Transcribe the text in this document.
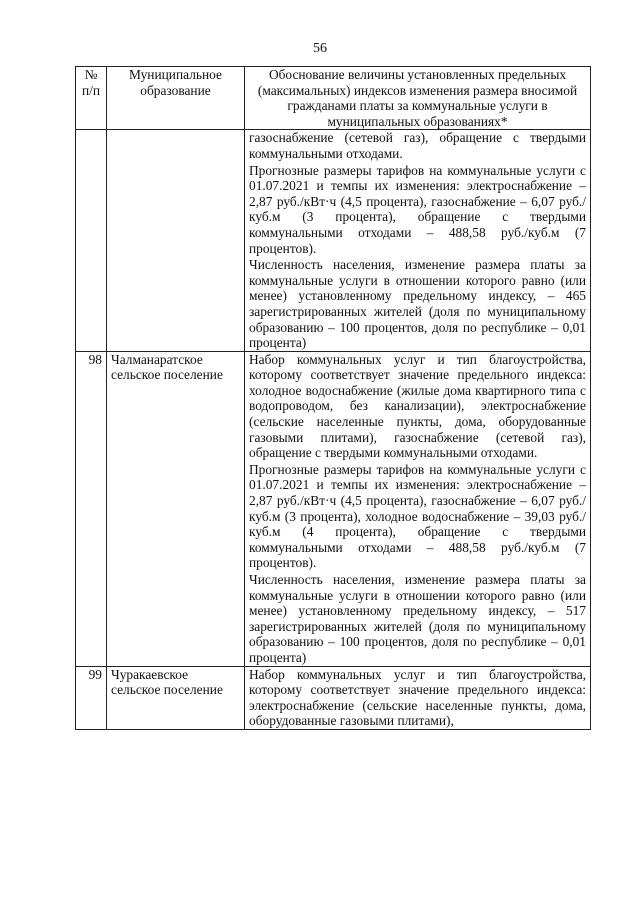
56
№ п/п	Муниципальное образование	Обоснование величины установленных предельных (максимальных) индексов изменения размера вносимой гражданами платы за коммунальные услуги в муниципальных образованиях*

		газоснабжение (сетевой газ), обращение с твердыми коммунальными отходами.

Прогнозные размеры тарифов на коммунальные услуги с 01.07.2021 и темпы их изменения: электроснабжение – 2,87 руб./кВт·ч (4,5 процента), газоснабжение – 6,07 руб./куб.м (3 процента), обращение с твердыми коммунальными отходами – 488,58 руб./куб.м (7 процентов).

Численность населения, изменение размера платы за коммунальные услуги в отношении которого равно (или менее) установленному предельному индексу, – 465 зарегистрированных жителей (доля по муниципальному образованию – 100 процентов, доля по республике – 0,01 процента)

98	Чалманаратское сельское поселение	Набор коммунальных услуг и тип благоустройства, которому соответствует значение предельного индекса: холодное водоснабжение (жилые дома квартирного типа с водопроводом, без канализации), электроснабжение (сельские населенные пункты, дома, оборудованные газовыми плитами), газоснабжение (сетевой газ), обращение с твердыми коммунальными отходами.

Прогнозные размеры тарифов на коммунальные услуги с 01.07.2021 и темпы их изменения: электроснабжение – 2,87 руб./кВт·ч (4,5 процента), газоснабжение – 6,07 руб./куб.м (3 процента), холодное водоснабжение – 39,03 руб./куб.м (4 процента), обращение с твердыми коммунальными отходами – 488,58 руб./куб.м (7 процентов).

Численность населения, изменение размера платы за коммунальные услуги в отношении которого равно (или менее) установленному предельному индексу, – 517 зарегистрированных жителей (доля по муниципальному образованию – 100 процентов, доля по республике – 0,01 процента)

99	Чуракаевское сельское поселение	Набор коммунальных услуг и тип благоустройства, которому соответствует значение предельного индекса: электроснабжение (сельские населенные пункты, дома, оборудованные газовыми плитами),
